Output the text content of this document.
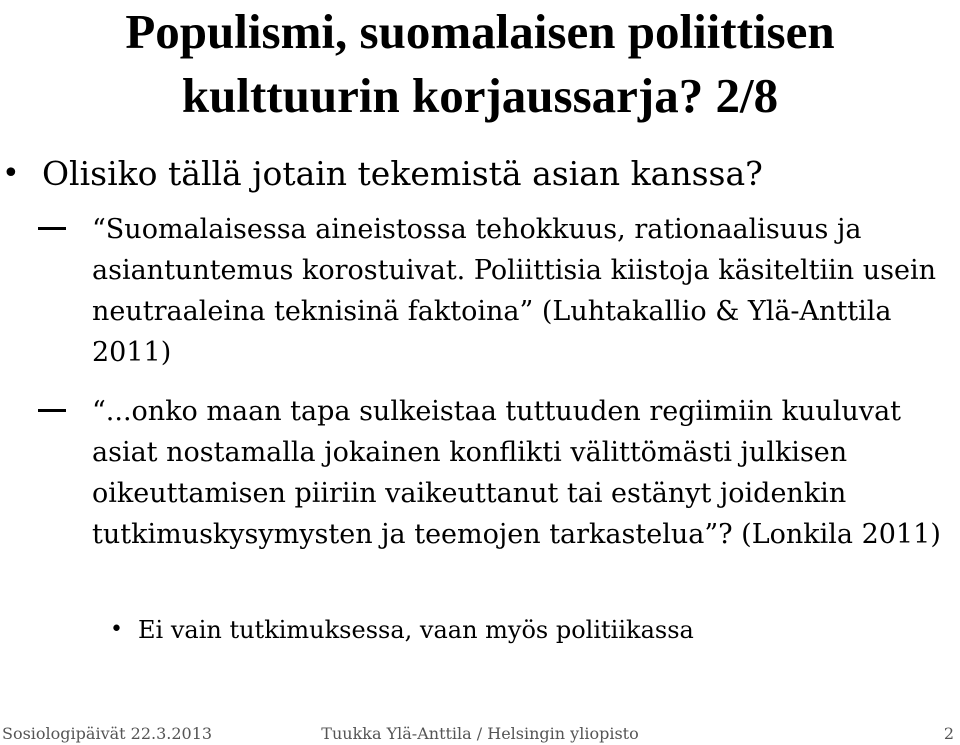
Populismi, suomalaisen poliittisen
kulttuurin korjaussarja? 2/8
• Olisiko tällä jotain tekemistä asian kanssa?
“Suomalaisessa aineistossa tehokkuus, rationaalisuus ja asiantuntemus korostuivat. Poliittisia kiistoja käsiteltiin usein neutraaleina teknisinä faktoina” (Luhtakallio & Ylä-Anttila 2011)
“...onko maan tapa sulkeistaa tuttuuden regiimiin kuuluvat asiat nostamalla jokainen konflikti välittömästi julkisen oikeuttamisen piiriin vaikeuttanut tai estänyt joidenkin tutkimuskysymysten ja teemojen tarkastelua”? (Lonkila 2011)
• Ei vain tutkimuksessa, vaan myös politiikassa
Sosiologipäivät 22.3.2013	Tuukka Ylä-Anttila / Helsingin yliopisto	2
